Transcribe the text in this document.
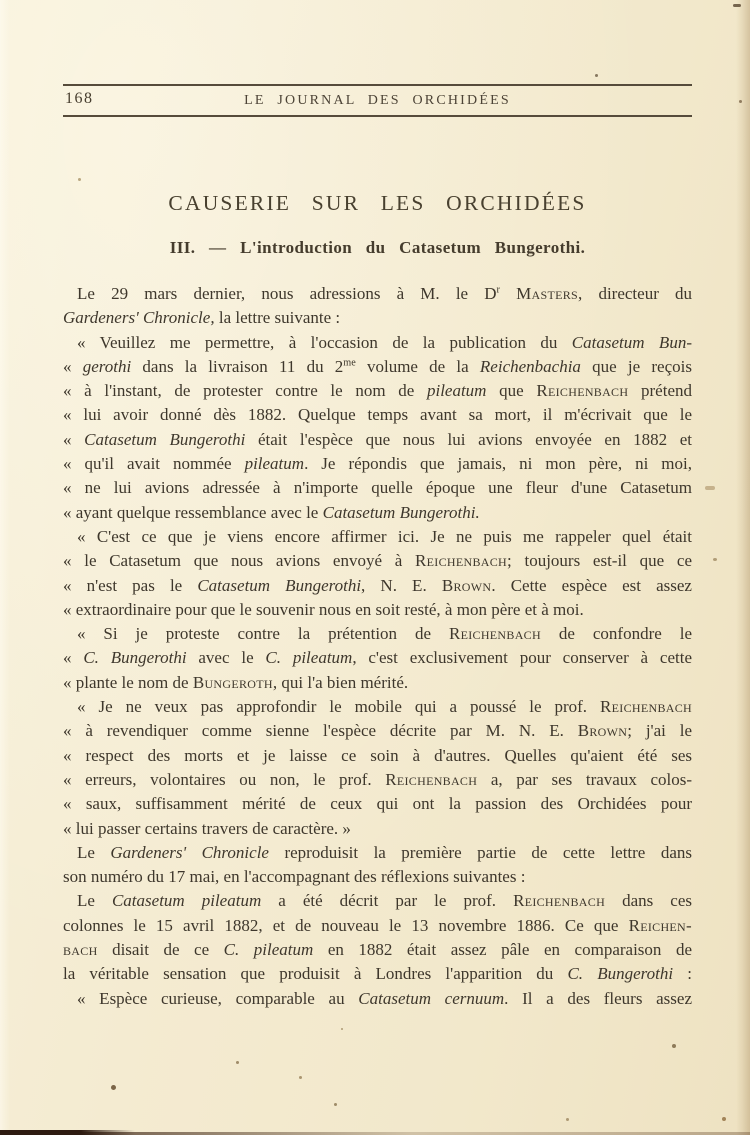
168	LE JOURNAL DES ORCHIDÉES
CAUSERIE SUR LES ORCHIDÉES
III. — L'introduction du Catasetum Bungerothi.
Le 29 mars dernier, nous adressions à M. le $D^r$ Masters, directeur du
Gardeners' Chronicle, la lettre suivante :
« Veuillez me permettre, à l'occasion de la publication du Catasetum Bun-
« gerothi dans la livraison 11 du $2^{me}$ volume de la Reichenbachia que je reçois
« à l'instant, de protester contre le nom de pileatum que Reichenbach prétend
« lui avoir donné dès 1882. Quelque temps avant sa mort, il m'écrivait que le
« Catasetum Bungerothi était l'espèce que nous lui avions envoyée en 1882 et
« qu'il avait nommée pileatum. Je répondis que jamais, ni mon père, ni moi,
« ne lui avions adressée à n'importe quelle époque une fleur d'une Catasetum
« ayant quelque ressemblance avec le Catasetum Bungerothi.
« C'est ce que je viens encore affirmer ici. Je ne puis me rappeler quel était
« le Catasetum que nous avions envoyé à Reichenbach; toujours est-il que ce
« n'est pas le Catasetum Bungerothi, N. E. Brown. Cette espèce est assez
« extraordinaire pour que le souvenir nous en soit resté, à mon père et à moi.
« Si je proteste contre la prétention de Reichenbach de confondre le
« C. Bungerothi avec le C. pileatum, c'est exclusivement pour conserver à cette
« plante le nom de Bungeroth, qui l'a bien mérité.
« Je ne veux pas approfondir le mobile qui a poussé le prof. Reichenbach
« à revendiquer comme sienne l'espèce décrite par M. N. E. Brown; j'ai le
« respect des morts et je laisse ce soin à d'autres. Quelles qu'aient été ses
« erreurs, volontaires ou non, le prof. Reichenbach a, par ses travaux colos-
« saux, suffisamment mérité de ceux qui ont la passion des Orchidées pour
« lui passer certains travers de caractère. »
Le Gardeners' Chronicle reproduisit la première partie de cette lettre dans
son numéro du 17 mai, en l'accompagnant des réflexions suivantes :
Le Catasetum pileatum a été décrit par le prof. Reichenbach dans ces
colonnes le 15 avril 1882, et de nouveau le 13 novembre 1886. Ce que Reichen-
bach disait de ce C. pileatum en 1882 était assez pâle en comparaison de
la véritable sensation que produisit à Londres l'apparition du C. Bungerothi :
« Espèce curieuse, comparable au Catasetum cernuum. Il a des fleurs assez
